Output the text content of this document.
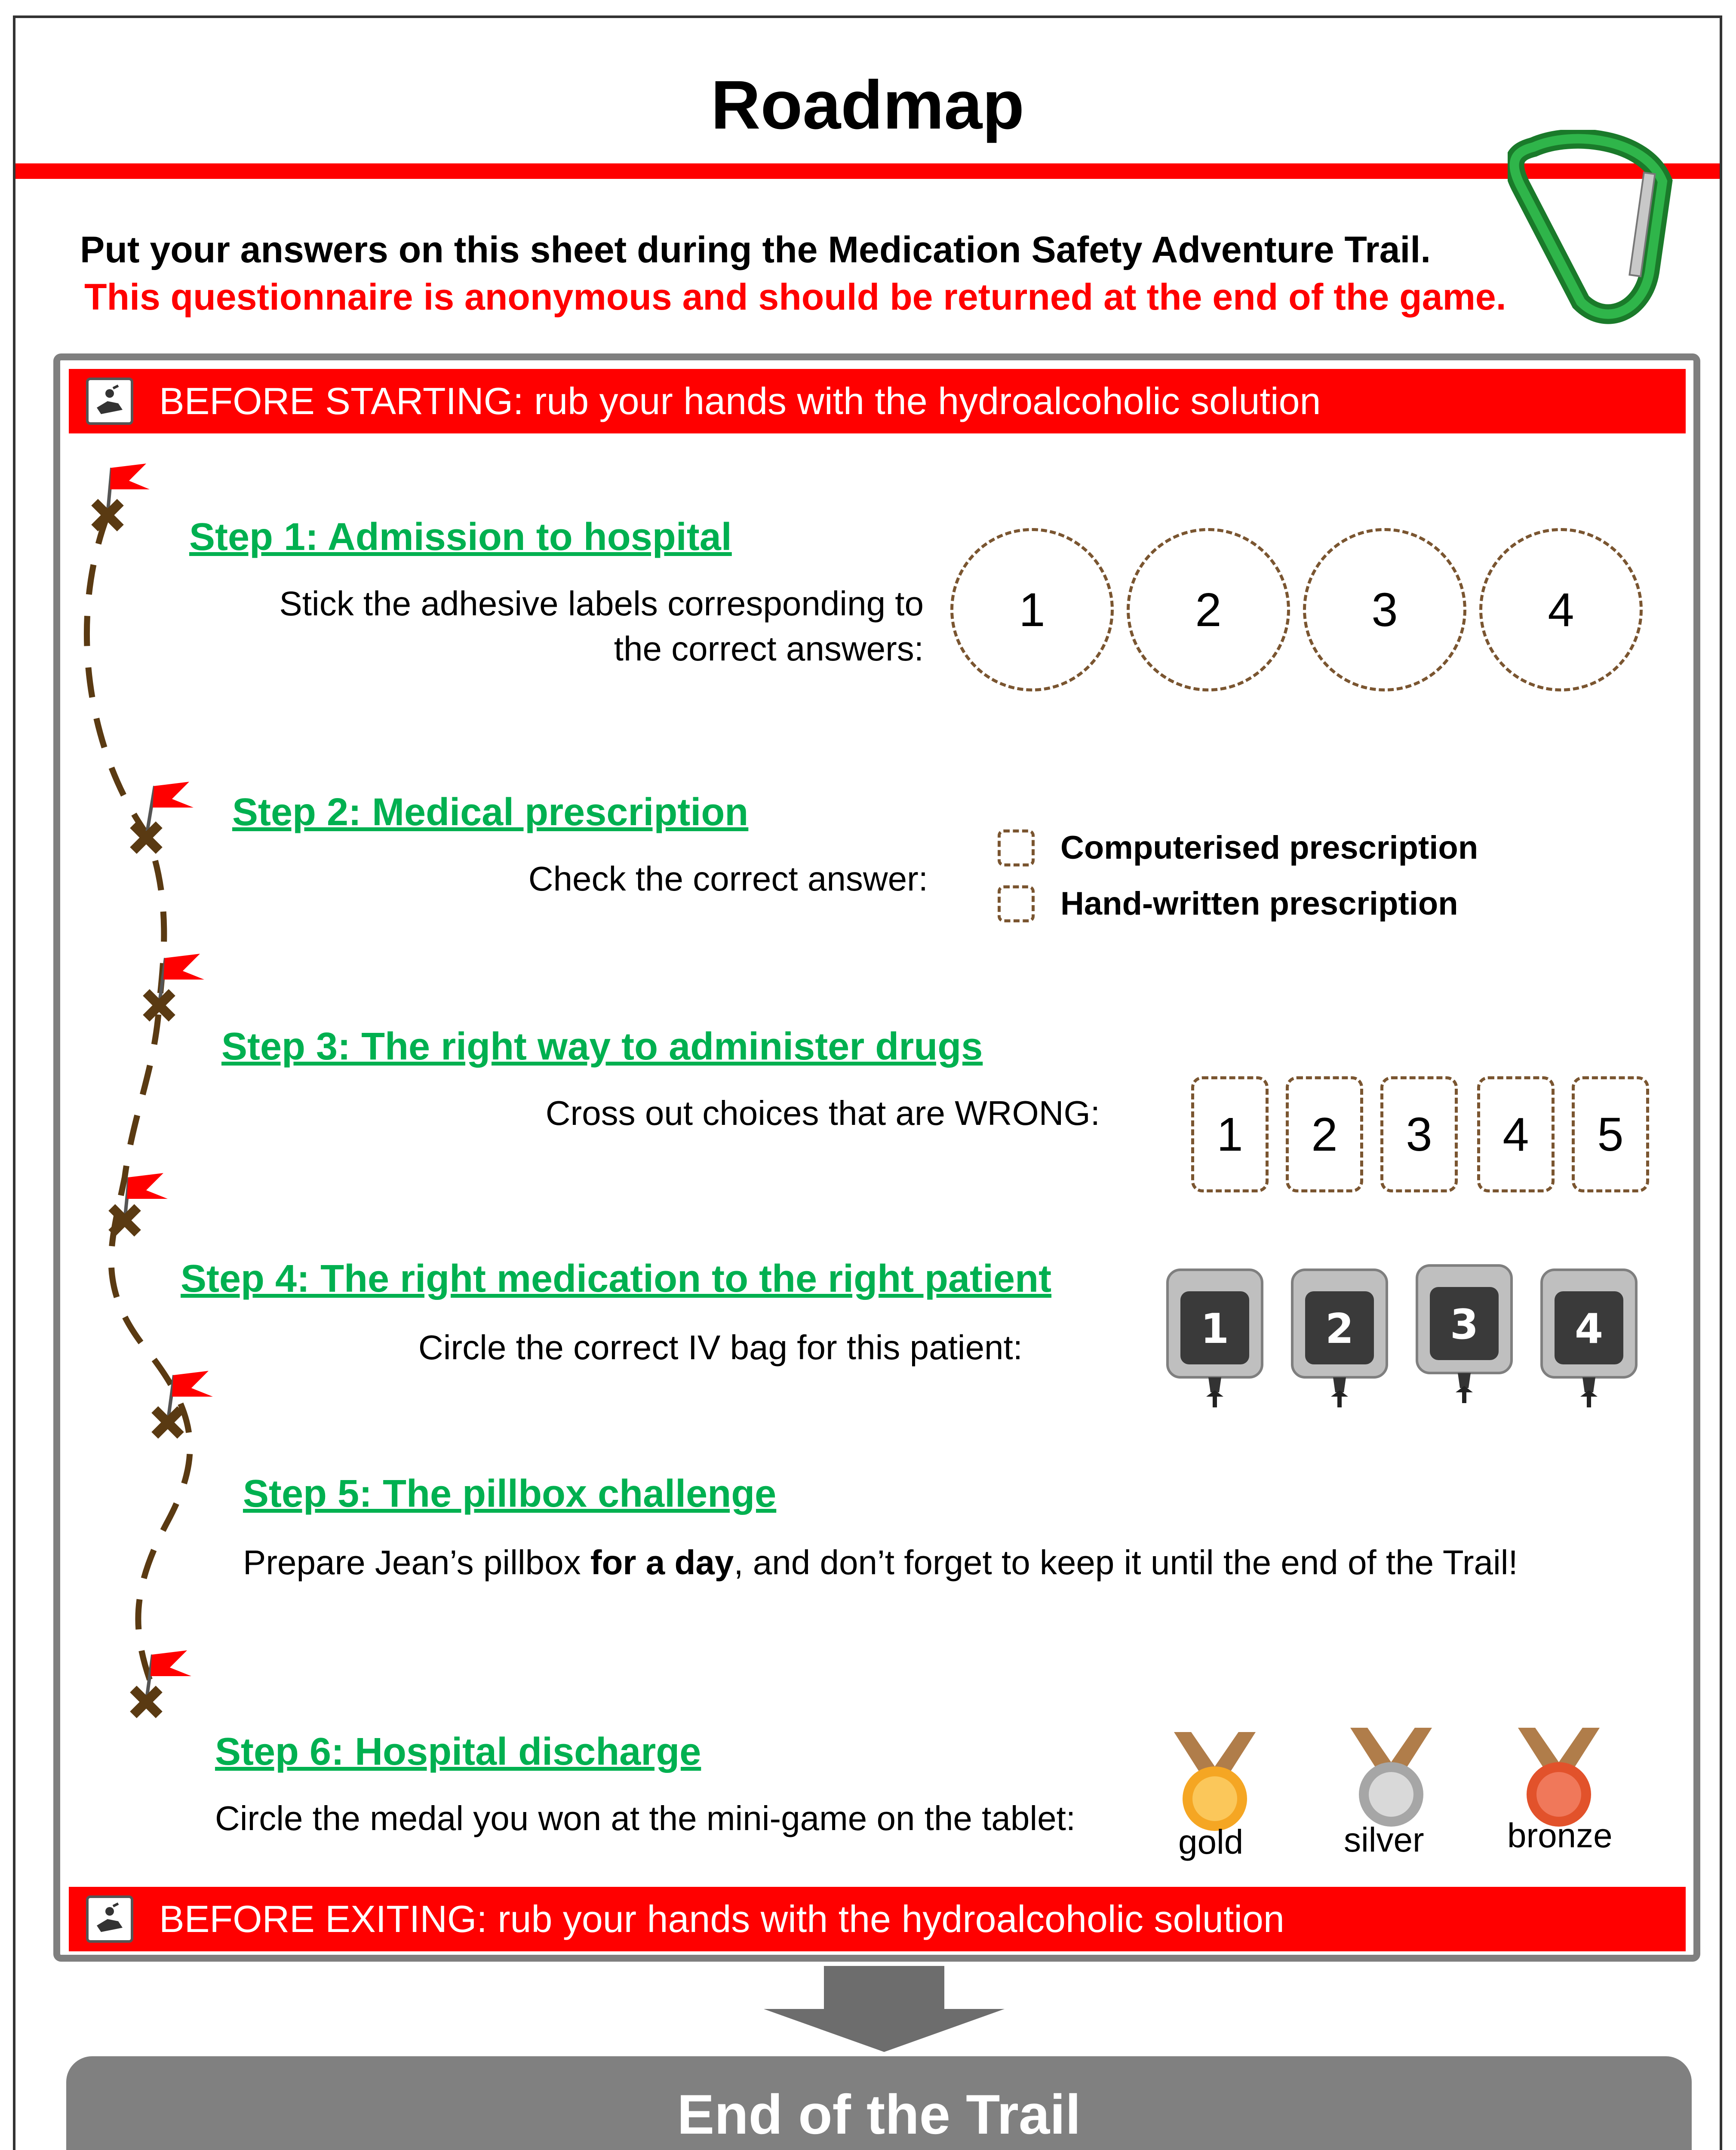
Roadmap
Put your answers on this sheet during the Medication Safety Adventure Trail.
This questionnaire is anonymous and should be returned at the end of the game.
BEFORE STARTING: rub your hands with the hydroalcoholic solution
Step 1: Admission to hospital
Stick the adhesive labels corresponding to
the correct answers:
1	2	3	4
Step 2: Medical prescription
Check the correct answer:
Computerised prescription
Hand-written prescription
Step 3: The right way to administer drugs
Cross out choices that are WRONG:	1	2	3	4	5
Step 4: The right medication to the right patient
Circle the correct IV bag for this patient:	1 2 3 4
Step 5: The pillbox challenge
Prepare Jean’s pillbox for a day, and don’t forget to keep it until the end of the Trail!
Step 6: Hospital discharge
Circle the medal you won at the mini-game on the tablet:
gold	silver bronze
BEFORE EXITING: rub your hands with the hydroalcoholic solution
End of the Trail
